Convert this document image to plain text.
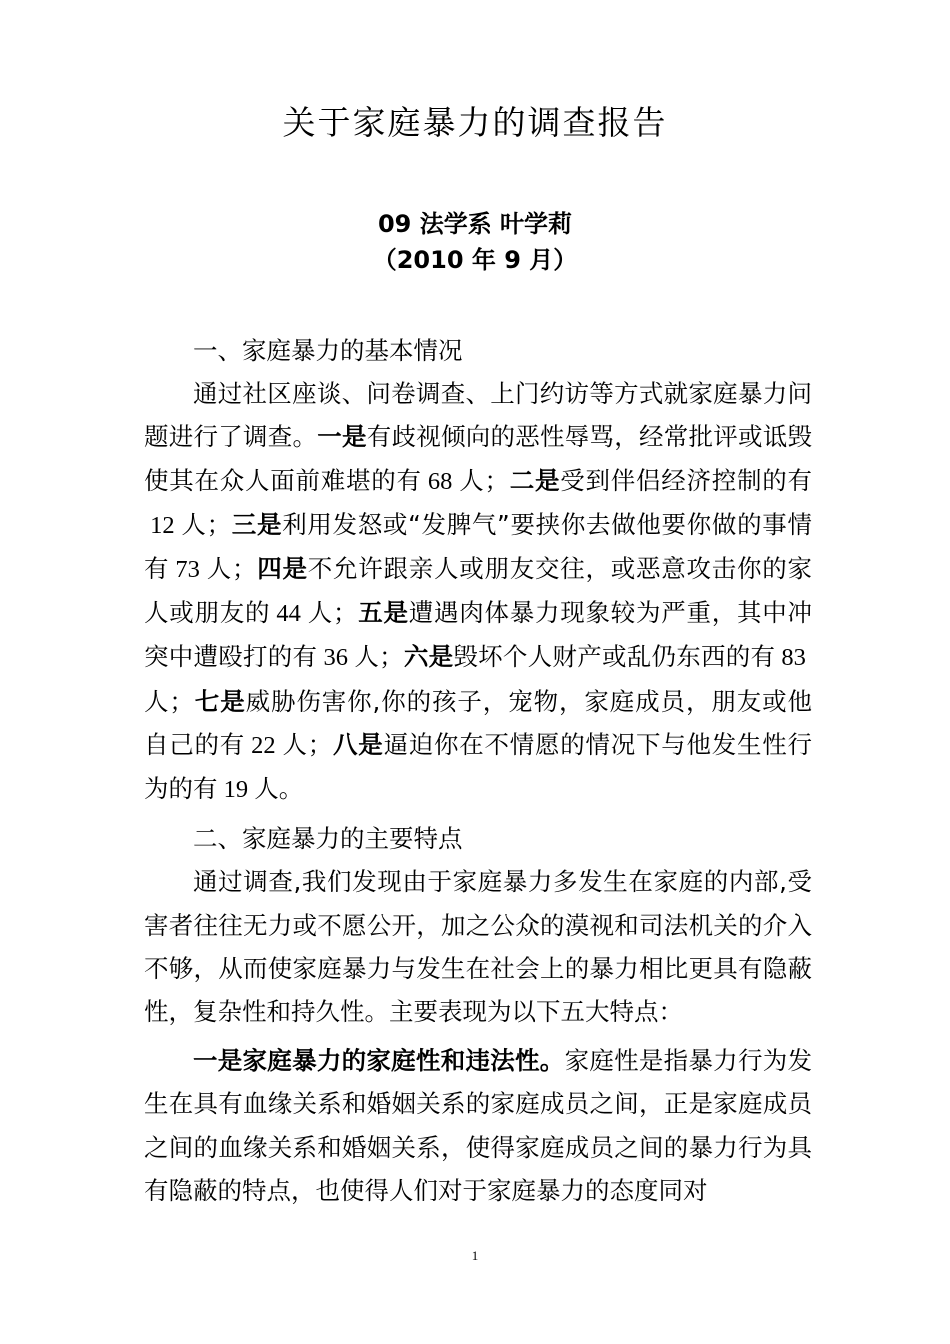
关于家庭暴力的调查报告
09 法学系 叶学莉
（2010 年 9 月）

一、家庭暴力的基本情况

通过社区座谈、问卷调查、上门约访等方式就家庭暴力问题进行了调查。一是有歧视倾向的恶性辱骂，经常批评或诋毁使其在众人面前难堪的有 68 人；二是受到伴侣经济控制的有12 人；三是利用发怒或“发脾气”要挟你去做他要你做的事情有 73 人；四是不允许跟亲人或朋友交往，或恶意攻击你的家人或朋友的 44 人；五是遭遇肉体暴力现象较为严重，其中冲突中遭殴打的有 36 人；六是毁坏个人财产或乱仍东西的有 83人；七是威胁伤害你,你的孩子，宠物，家庭成员，朋友或他自己的有 22 人；八是逼迫你在不情愿的情况下与他发生性行为的有 19 人。

二、家庭暴力的主要特点

通过调查,我们发现由于家庭暴力多发生在家庭的内部,受害者往往无力或不愿公开，加之公众的漠视和司法机关的介入不够，从而使家庭暴力与发生在社会上的暴力相比更具有隐蔽性，复杂性和持久性。主要表现为以下五大特点：

一是家庭暴力的家庭性和违法性。家庭性是指暴力行为发生在具有血缘关系和婚姻关系的家庭成员之间，正是家庭成员之间的血缘关系和婚姻关系，使得家庭成员之间的暴力行为具有隐蔽的特点，也使得人们对于家庭暴力的态度同对

1
